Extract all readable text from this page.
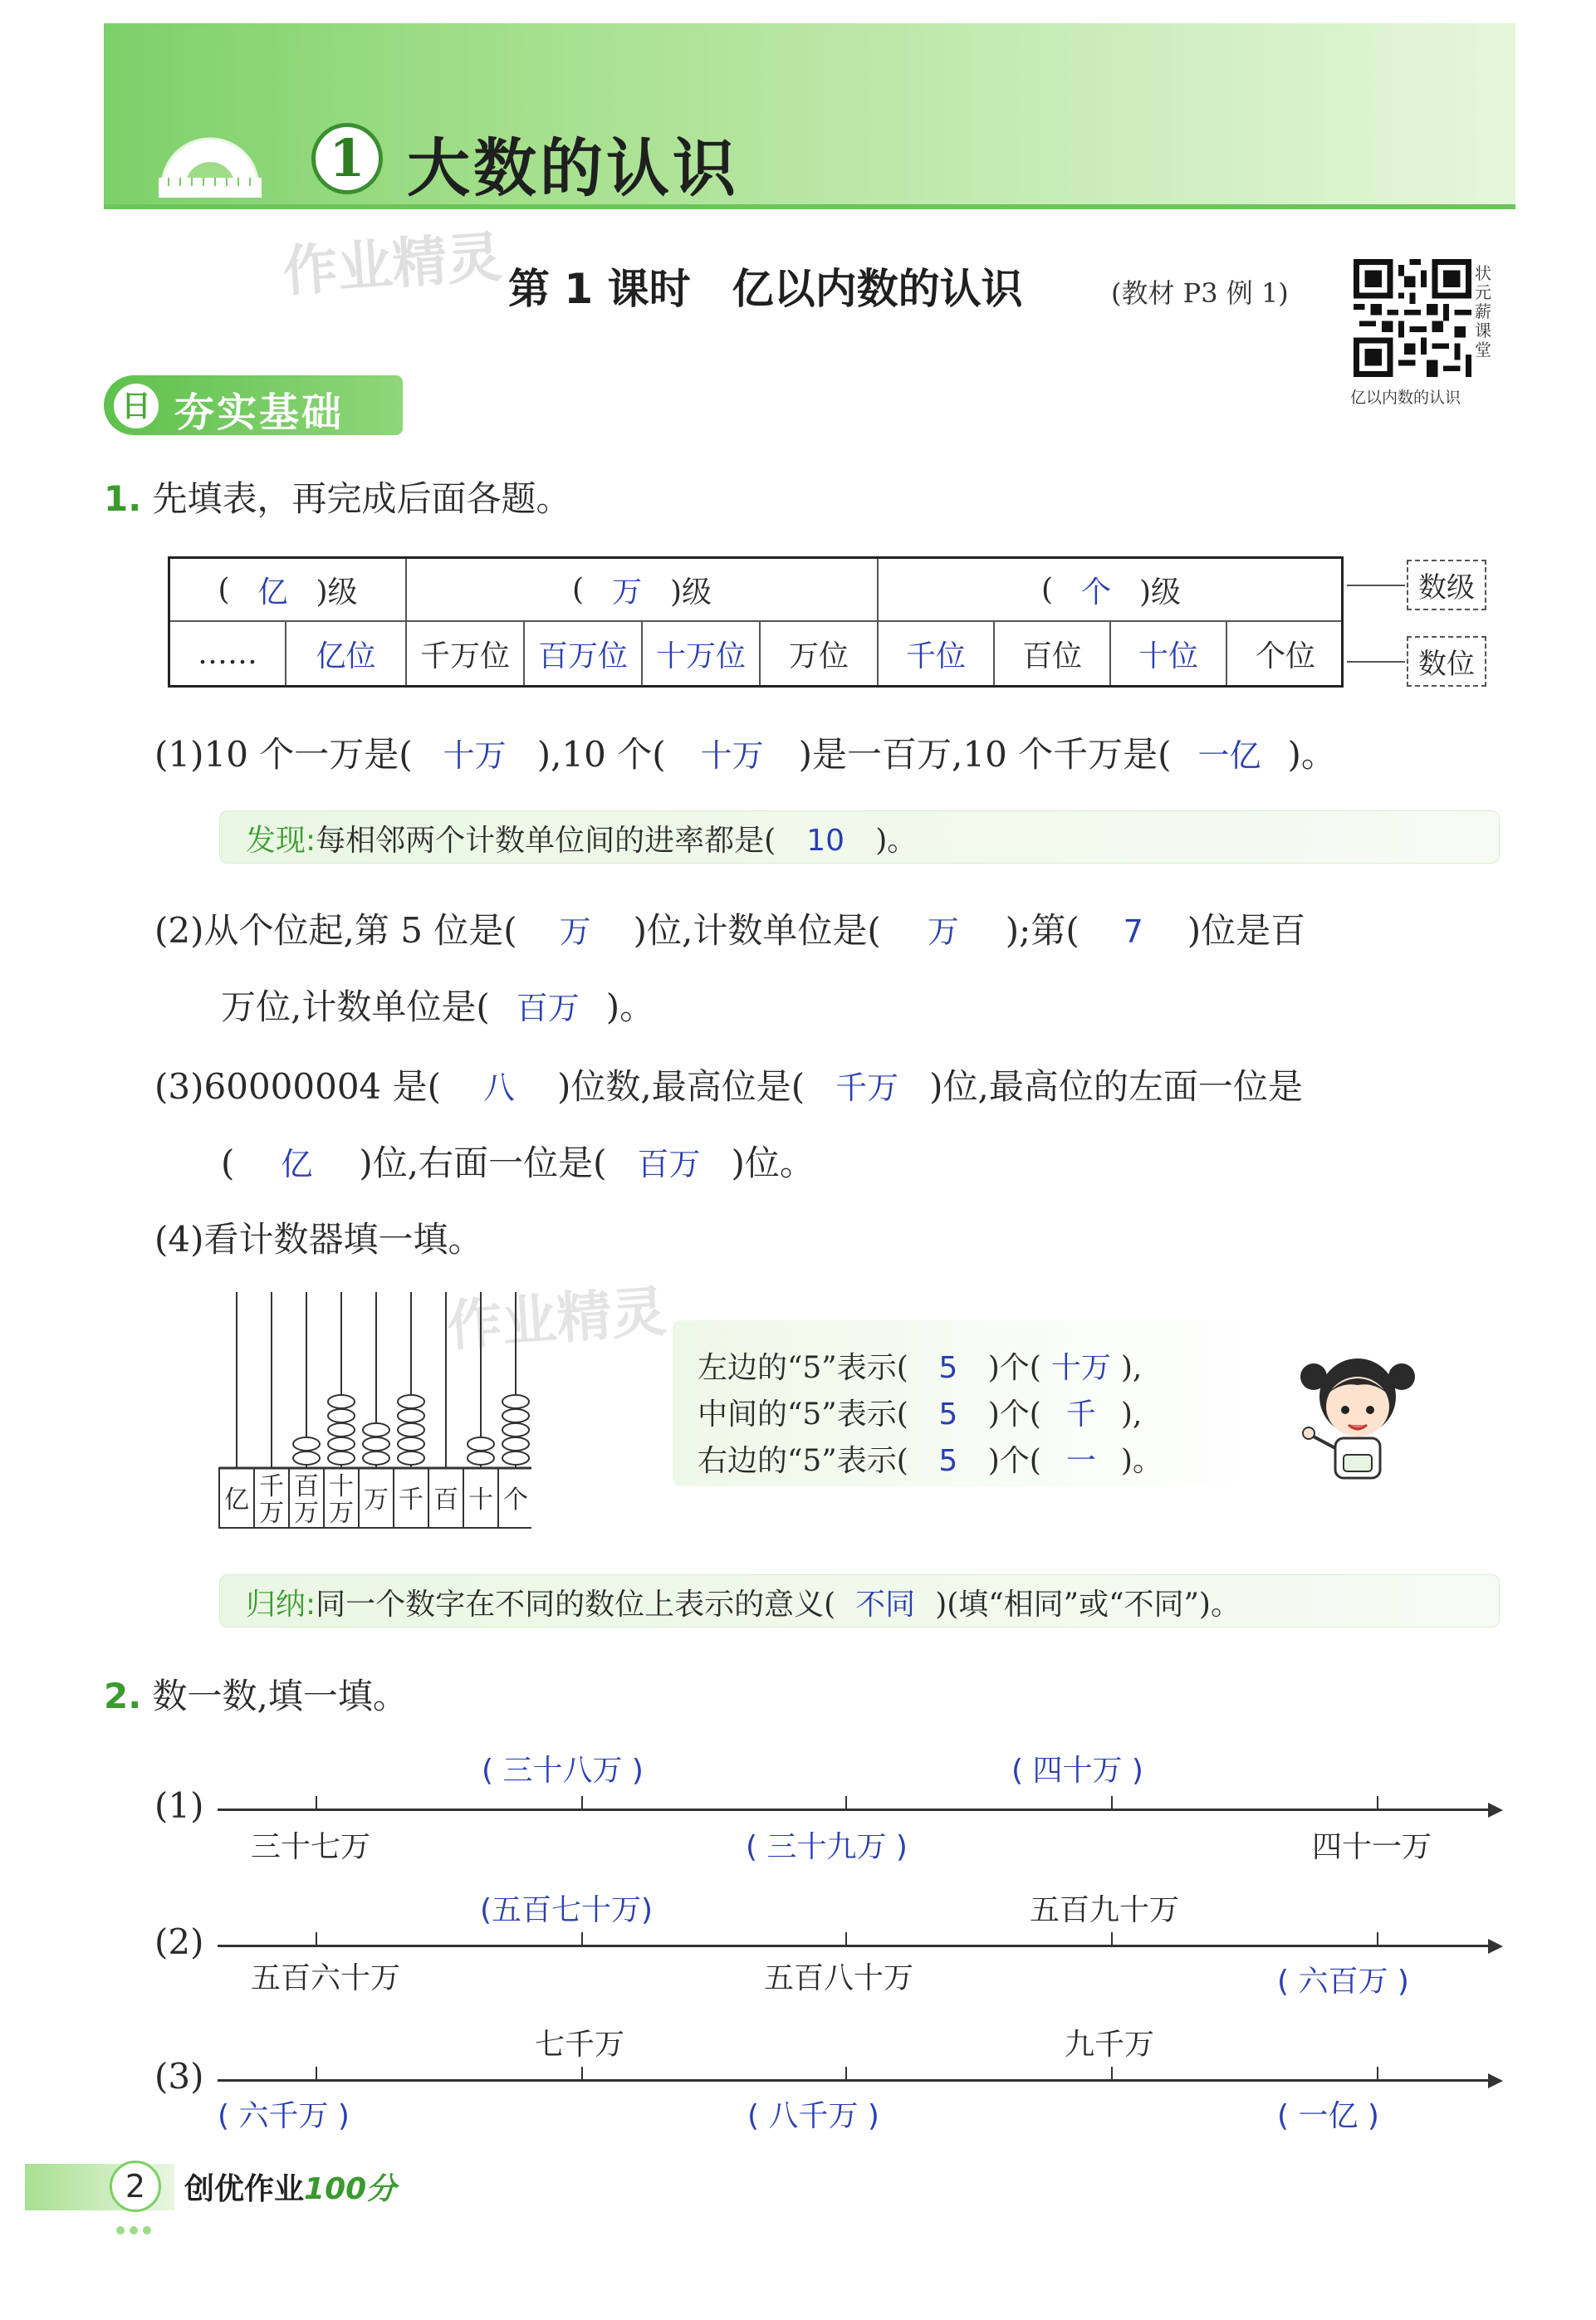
1 大数的认识
作业精灵 第 1 课时　亿以内数的认识	(教材 P3 例 1)
状元薪课堂
亿以内数的认识
日 夯实基础
1. 先填表，再完成后面各题。
( 亿 )级	( 万 )级	( 个 )级
……	亿位	千万位 百万位 十万位	万位	千位	百位	十位	个位
数级
数位
(1)10 个一万是( 十万 ),10 个( 十万 )是一百万,10 个千万是( 一亿 )。
发现:每相邻两个计数单位间的进率都是( 10 )。
(2)从个位起,第 5 位是( 万 )位,计数单位是( 万 );第( 7 )位是百
万位,计数单位是( 百万 )。
(3)60000004 是( 八 )位数,最高位是( 千万 )位,最高位的左面一位是
( 亿 )位,右面一位是( 百万 )位。
(4)看计数器填一填。
作业精灵
亿 千
万
百
万
十
万 万 千 百 十 个
左边的“5”表示( 5 )个( 十万 ),
中间的“5”表示( 5 )个( 千 ),
右边的“5”表示( 5 )个( 一 )。
归纳:同一个数字在不同的数位上表示的意义( 不同 )(填“相同”或“不同”)。
2. 数一数,填一填。
(1)
( 三十八万 )	( 四十万 )
三十七万	( 三十九万 )	四十一万
(2)
(五百七十万)	五百九十万
五百六十万	五百八十万	( 六百万 )
(3)
七千万	九千万
( 六千万 )	( 八千万 )	( 一亿 )
2	创优作业100分
